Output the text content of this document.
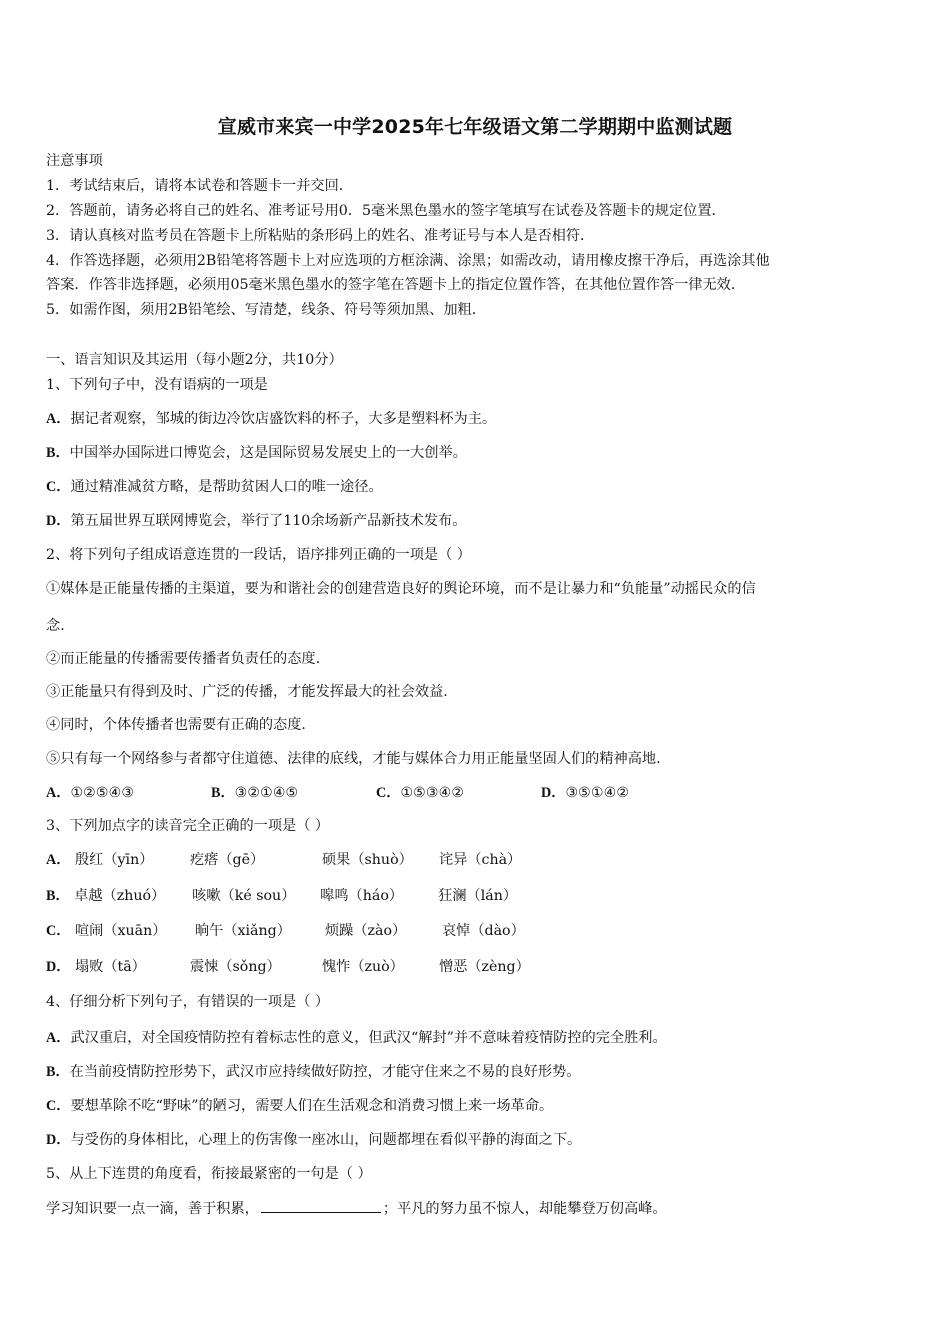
宣威市来宾一中学2025年七年级语文第二学期期中监测试题
注意事项
1．考试结束后，请将本试卷和答题卡一并交回．
2．答题前，请务必将自己的姓名、准考证号用0．5毫米黑色墨水的签字笔填写在试卷及答题卡的规定位置．
3．请认真核对监考员在答题卡上所粘贴的条形码上的姓名、准考证号与本人是否相符．
4．作答选择题，必须用2B铅笔将答题卡上对应选项的方框涂满、涂黑；如需改动，请用橡皮擦干净后，再选涂其他
答案．作答非选择题，必须用05毫米黑色墨水的签字笔在答题卡上的指定位置作答，在其他位置作答一律无效．
5．如需作图，须用2B铅笔绘、写清楚，线条、符号等须加黑、加粗．
一、语言知识及其运用（每小题2分，共10分）
1、下列句子中，没有语病的一项是
A．据记者观察，邹城的街边冷饮店盛饮料的杯子，大多是塑料杯为主。
B．中国举办国际进口博览会，这是国际贸易发展史上的一大创举。
C．通过精准减贫方略，是帮助贫困人口的唯一途径。
D．第五届世界互联网博览会，举行了110余场新产品新技术发布。
2、将下列句子组成语意连贯的一段话，语序排列正确的一项是（ ）
①媒体是正能量传播的主渠道，要为和谐社会的创建营造良好的舆论环境，而不是让暴力和“负能量”动摇民众的信
念.
②而正能量的传播需要传播者负责任的态度.
③正能量只有得到及时、广泛的传播，才能发挥最大的社会效益.
④同时，个体传播者也需要有正确的态度.
⑤只有每一个网络参与者都守住道德、法律的底线，才能与媒体合力用正能量坚固人们的精神高地.
A．①②⑤④③	B．③②①④⑤	C．①⑤③④②	D．③⑤①④②
3、下列加点字的读音完全正确的一项是（ ）
A． 殷红（yīn）	疙瘩（gē）	硕果（shuò） 诧异（chà）
B． 卓越（zhuó） 咳嗽（ké sou） 嗥鸣（háo） 狂澜（lán）
C． 喧闹（xuān） 晌午（xiǎng） 烦躁（zào）	哀悼（dào）
D． 塌败（tā）	震悚（sǒng）	愧怍（zuò） 憎恶（zèng）
4、仔细分析下列句子，有错误的一项是（ ）
A．武汉重启，对全国疫情防控有着标志性的意义，但武汉“解封”并不意味着疫情防控的完全胜利。
B．在当前疫情防控形势下，武汉市应持续做好防控，才能守住来之不易的良好形势。
C．要想革除不吃“野味”的陋习，需要人们在生活观念和消费习惯上来一场革命。
D．与受伤的身体相比，心理上的伤害像一座冰山，问题都埋在看似平静的海面之下。
5、从上下连贯的角度看，衔接最紧密的一句是（ ）
学习知识要一点一滴，善于积累，	；平凡的努力虽不惊人，却能攀登万仞高峰。
